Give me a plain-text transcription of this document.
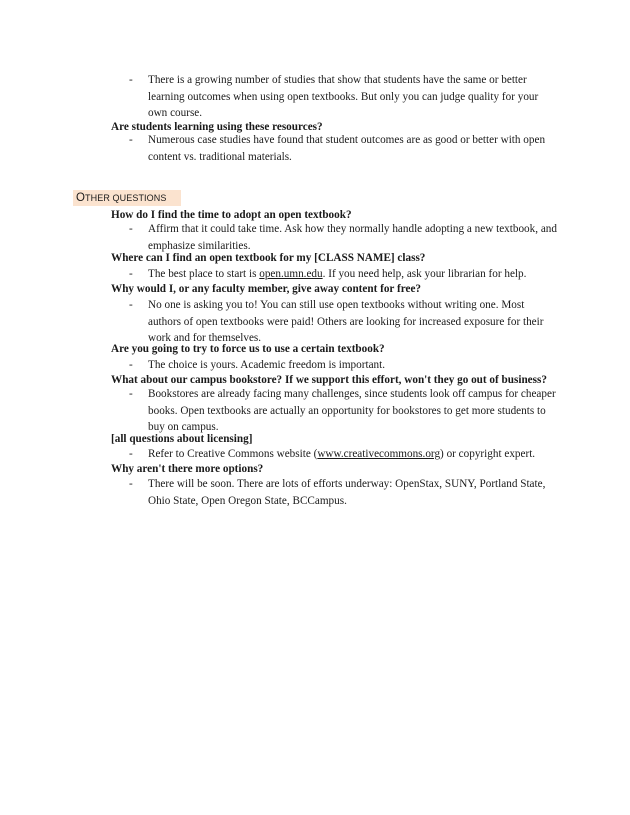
- There is a growing number of studies that show that students have the same or better learning outcomes when using open textbooks. But only you can judge quality for your own course.
Are students learning using these resources?
- Numerous case studies have found that student outcomes are as good or better with open content vs. traditional materials.
OTHER QUESTIONS
How do I find the time to adopt an open textbook?
- Affirm that it could take time. Ask how they normally handle adopting a new textbook, and emphasize similarities.
Where can I find an open textbook for my [CLASS NAME] class?
- The best place to start is open.umn.edu. If you need help, ask your librarian for help.
Why would I, or any faculty member, give away content for free?
- No one is asking you to! You can still use open textbooks without writing one. Most authors of open textbooks were paid! Others are looking for increased exposure for their work and for themselves.
Are you going to try to force us to use a certain textbook?
- The choice is yours. Academic freedom is important.
What about our campus bookstore? If we support this effort, won't they go out of business?
- Bookstores are already facing many challenges, since students look off campus for cheaper books. Open textbooks are actually an opportunity for bookstores to get more students to buy on campus.
[all questions about licensing]
- Refer to Creative Commons website (www.creativecommons.org) or copyright expert.
Why aren't there more options?
- There will be soon. There are lots of efforts underway: OpenStax, SUNY, Portland State, Ohio State, Open Oregon State, BCCampus.
